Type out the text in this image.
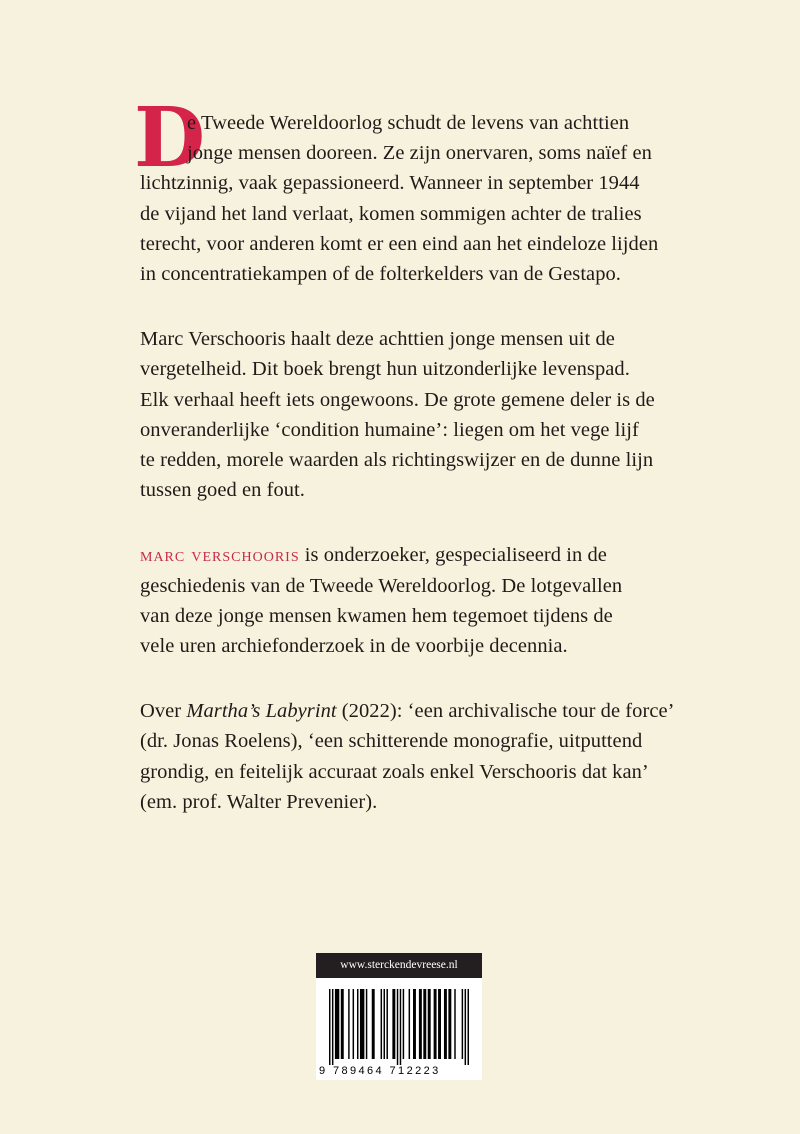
D

e Tweede Wereldoorlog schudt de levens van achttien
jonge mensen dooreen. Ze zijn onervaren, soms naïef en
lichtzinnig, vaak gepassioneerd. Wanneer in september 1944
de vijand het land verlaat, komen sommigen achter de tralies
terecht, voor anderen komt er een eind aan het eindeloze lijden
in concentratiekampen of de folterkelders van de Gestapo.

Marc Verschooris haalt deze achttien jonge mensen uit de
vergetelheid. Dit boek brengt hun uitzonderlijke levenspad.
Elk verhaal heeft iets ongewoons. De grote gemene deler is de
onveranderlijke ‘condition humaine’: liegen om het vege lijf
te redden, morele waarden als richtingswijzer en de dunne lijn
tussen goed en fout.

marc verschooris is onderzoeker, gespecialiseerd in de
geschiedenis van de Tweede Wereldoorlog. De lotgevallen
van deze jonge mensen kwamen hem tegemoet tijdens de
vele uren archiefonderzoek in de voorbije decennia.

Over Martha’s Labyrint (2022): ‘een archivalische tour de force’
(dr. Jonas Roelens), ‘een schitterende monografie, uitputtend
grondig, en feitelijk accuraat zoals enkel Verschooris dat kan’
(em. prof. Walter Prevenier).

www.sterckendevreese.nl
9 789464 712223
